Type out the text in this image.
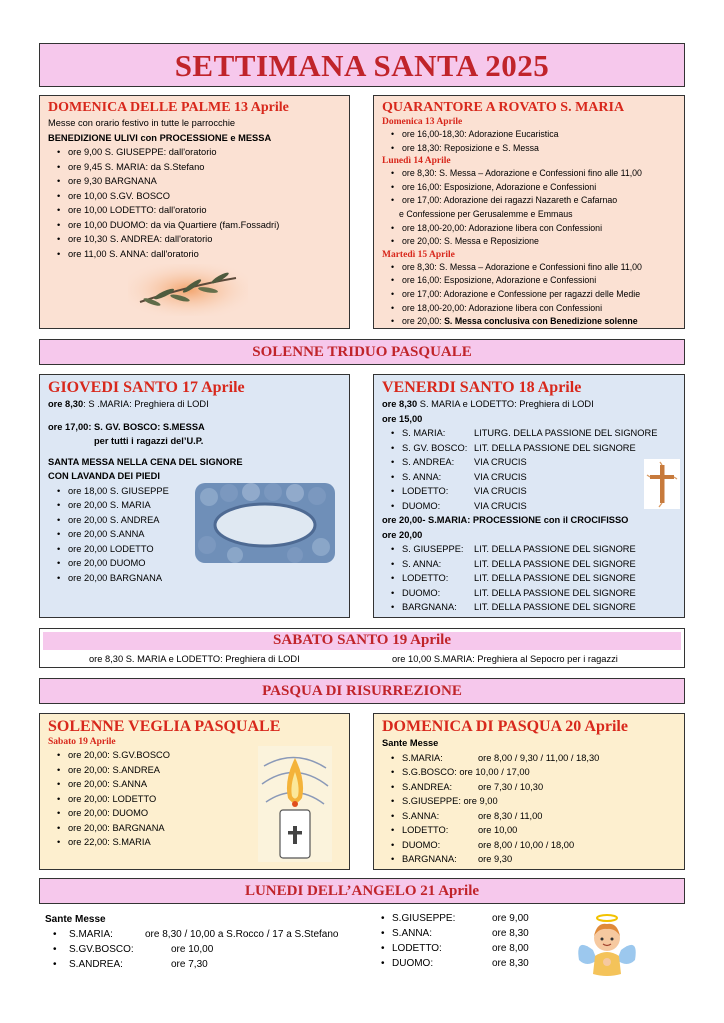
SETTIMANA SANTA 2025
DOMENICA DELLE PALME 13 Aprile
Messe con orario festivo in tutte le parrocchie
BENEDIZIONE ULIVI con PROCESSIONE e MESSA
• ore 9,00 S. GIUSEPPE: dall'oratorio
• ore 9,45 S. MARIA: da S.Stefano
• ore 9,30 BARGNANA
• ore 10,00 S.GV. BOSCO
• ore 10,00 LODETTO: dall'oratorio
• ore 10,00 DUOMO: da via Quartiere (fam.Fossadri)
• ore 10,30 S. ANDREA: dall'oratorio
• ore 11,00 S. ANNA: dall'oratorio
QUARANTORE A ROVATO S. MARIA
Domenica 13 Aprile
• ore 16,00-18,30: Adorazione Eucaristica
• ore 18,30: Reposizione e S. Messa
Lunedì 14 Aprile
• ore 8,30: S. Messa – Adorazione e Confessioni fino alle 11,00
• ore 16,00: Esposizione, Adorazione e Confessioni
• ore 17,00: Adorazione dei ragazzi Nazareth e Cafarnao
e Confessione per Gerusalemme e Emmaus
• ore 18,00-20,00: Adorazione libera con Confessioni
• ore 20,00: S. Messa e Reposizione
Martedì 15 Aprile
• ore 8,30: S. Messa – Adorazione e Confessioni fino alle 11,00
• ore 16,00: Esposizione, Adorazione e Confessioni
• ore 17,00: Adorazione e Confessione per ragazzi delle Medie
• ore 18,00-20,00: Adorazione libera con Confessioni
• ore 20,00: S. Messa conclusiva con Benedizione solenne
SOLENNE TRIDUO PASQUALE
GIOVEDI SANTO 17 Aprile
ore 8,30: S .MARIA: Preghiera di LODI
ore 17,00: S. GV. BOSCO: S.MESSA
per tutti i ragazzi del’U.P.
SANTA MESSA NELLA CENA DEL SIGNORE
CON LAVANDA DEI PIEDI
• ore 18,00 S. GIUSEPPE
• ore 20,00 S. MARIA
• ore 20,00 S. ANDREA
• ore 20,00 S.ANNA
• ore 20,00 LODETTO
• ore 20,00 DUOMO
• ore 20,00 BARGNANA
VENERDI SANTO 18 Aprile
ore 8,30 S. MARIA e LODETTO: Preghiera di LODI
ore 15,00
• S. MARIA:	LITURG. DELLA PASSIONE DEL SIGNORE
• S. GV. BOSCO: LIT. DELLA PASSIONE DEL SIGNORE
• S. ANDREA: VIA CRUCIS
• S. ANNA:	VIA CRUCIS
• LODETTO:	VIA CRUCIS
• DUOMO:	VIA CRUCIS
ore 20,00- S.MARIA: PROCESSIONE con il CROCIFISSO
ore 20,00
• S. GIUSEPPE: LIT. DELLA PASSIONE DEL SIGNORE
• S. ANNA:	LIT. DELLA PASSIONE DEL SIGNORE
• LODETTO:	LIT. DELLA PASSIONE DEL SIGNORE
• DUOMO:	LIT. DELLA PASSIONE DEL SIGNORE
• BARGNANA: LIT. DELLA PASSIONE DEL SIGNORE
SABATO SANTO 19 Aprile
ore 8,30 S. MARIA e LODETTO: Preghiera di LODI	ore 10,00 S.MARIA: Preghiera al Sepocro per i ragazzi
PASQUA DI RISURREZIONE
SOLENNE VEGLIA PASQUALE
Sabato 19 Aprile
• ore 20,00: S.GV.BOSCO
• ore 20,00: S.ANDREA
• ore 20,00: S.ANNA
• ore 20,00: LODETTO
• ore 20,00: DUOMO
• ore 20,00: BARGNANA
• ore 22,00: S.MARIA
DOMENICA DI PASQUA 20 Aprile
Sante Messe
• S.MARIA:	ore 8,00 / 9,30 / 11,00 / 18,30
• S.G.BOSCO: ore 10,00 / 17,00
• S.ANDREA:	ore 7,30 / 10,30
• S.GIUSEPPE: ore 9,00
• S.ANNA:	ore 8,30 / 11,00
• LODETTO:	ore 10,00
• DUOMO:	ore 8,00 / 10,00 / 18,00
• BARGNANA: ore 9,30
LUNEDI DELL’ANGELO 21 Aprile
Sante Messe
• S.MARIA:	ore 8,30 / 10,00 a S.Rocco / 17 a S.Stefano
• S.GV.BOSCO:	ore 10,00
• S.ANDREA:	ore 7,30
• S.GIUSEPPE:	ore 9,00
• S.ANNA:	ore 8,30
• LODETTO:	ore 8,00
• DUOMO:	ore 8,30
